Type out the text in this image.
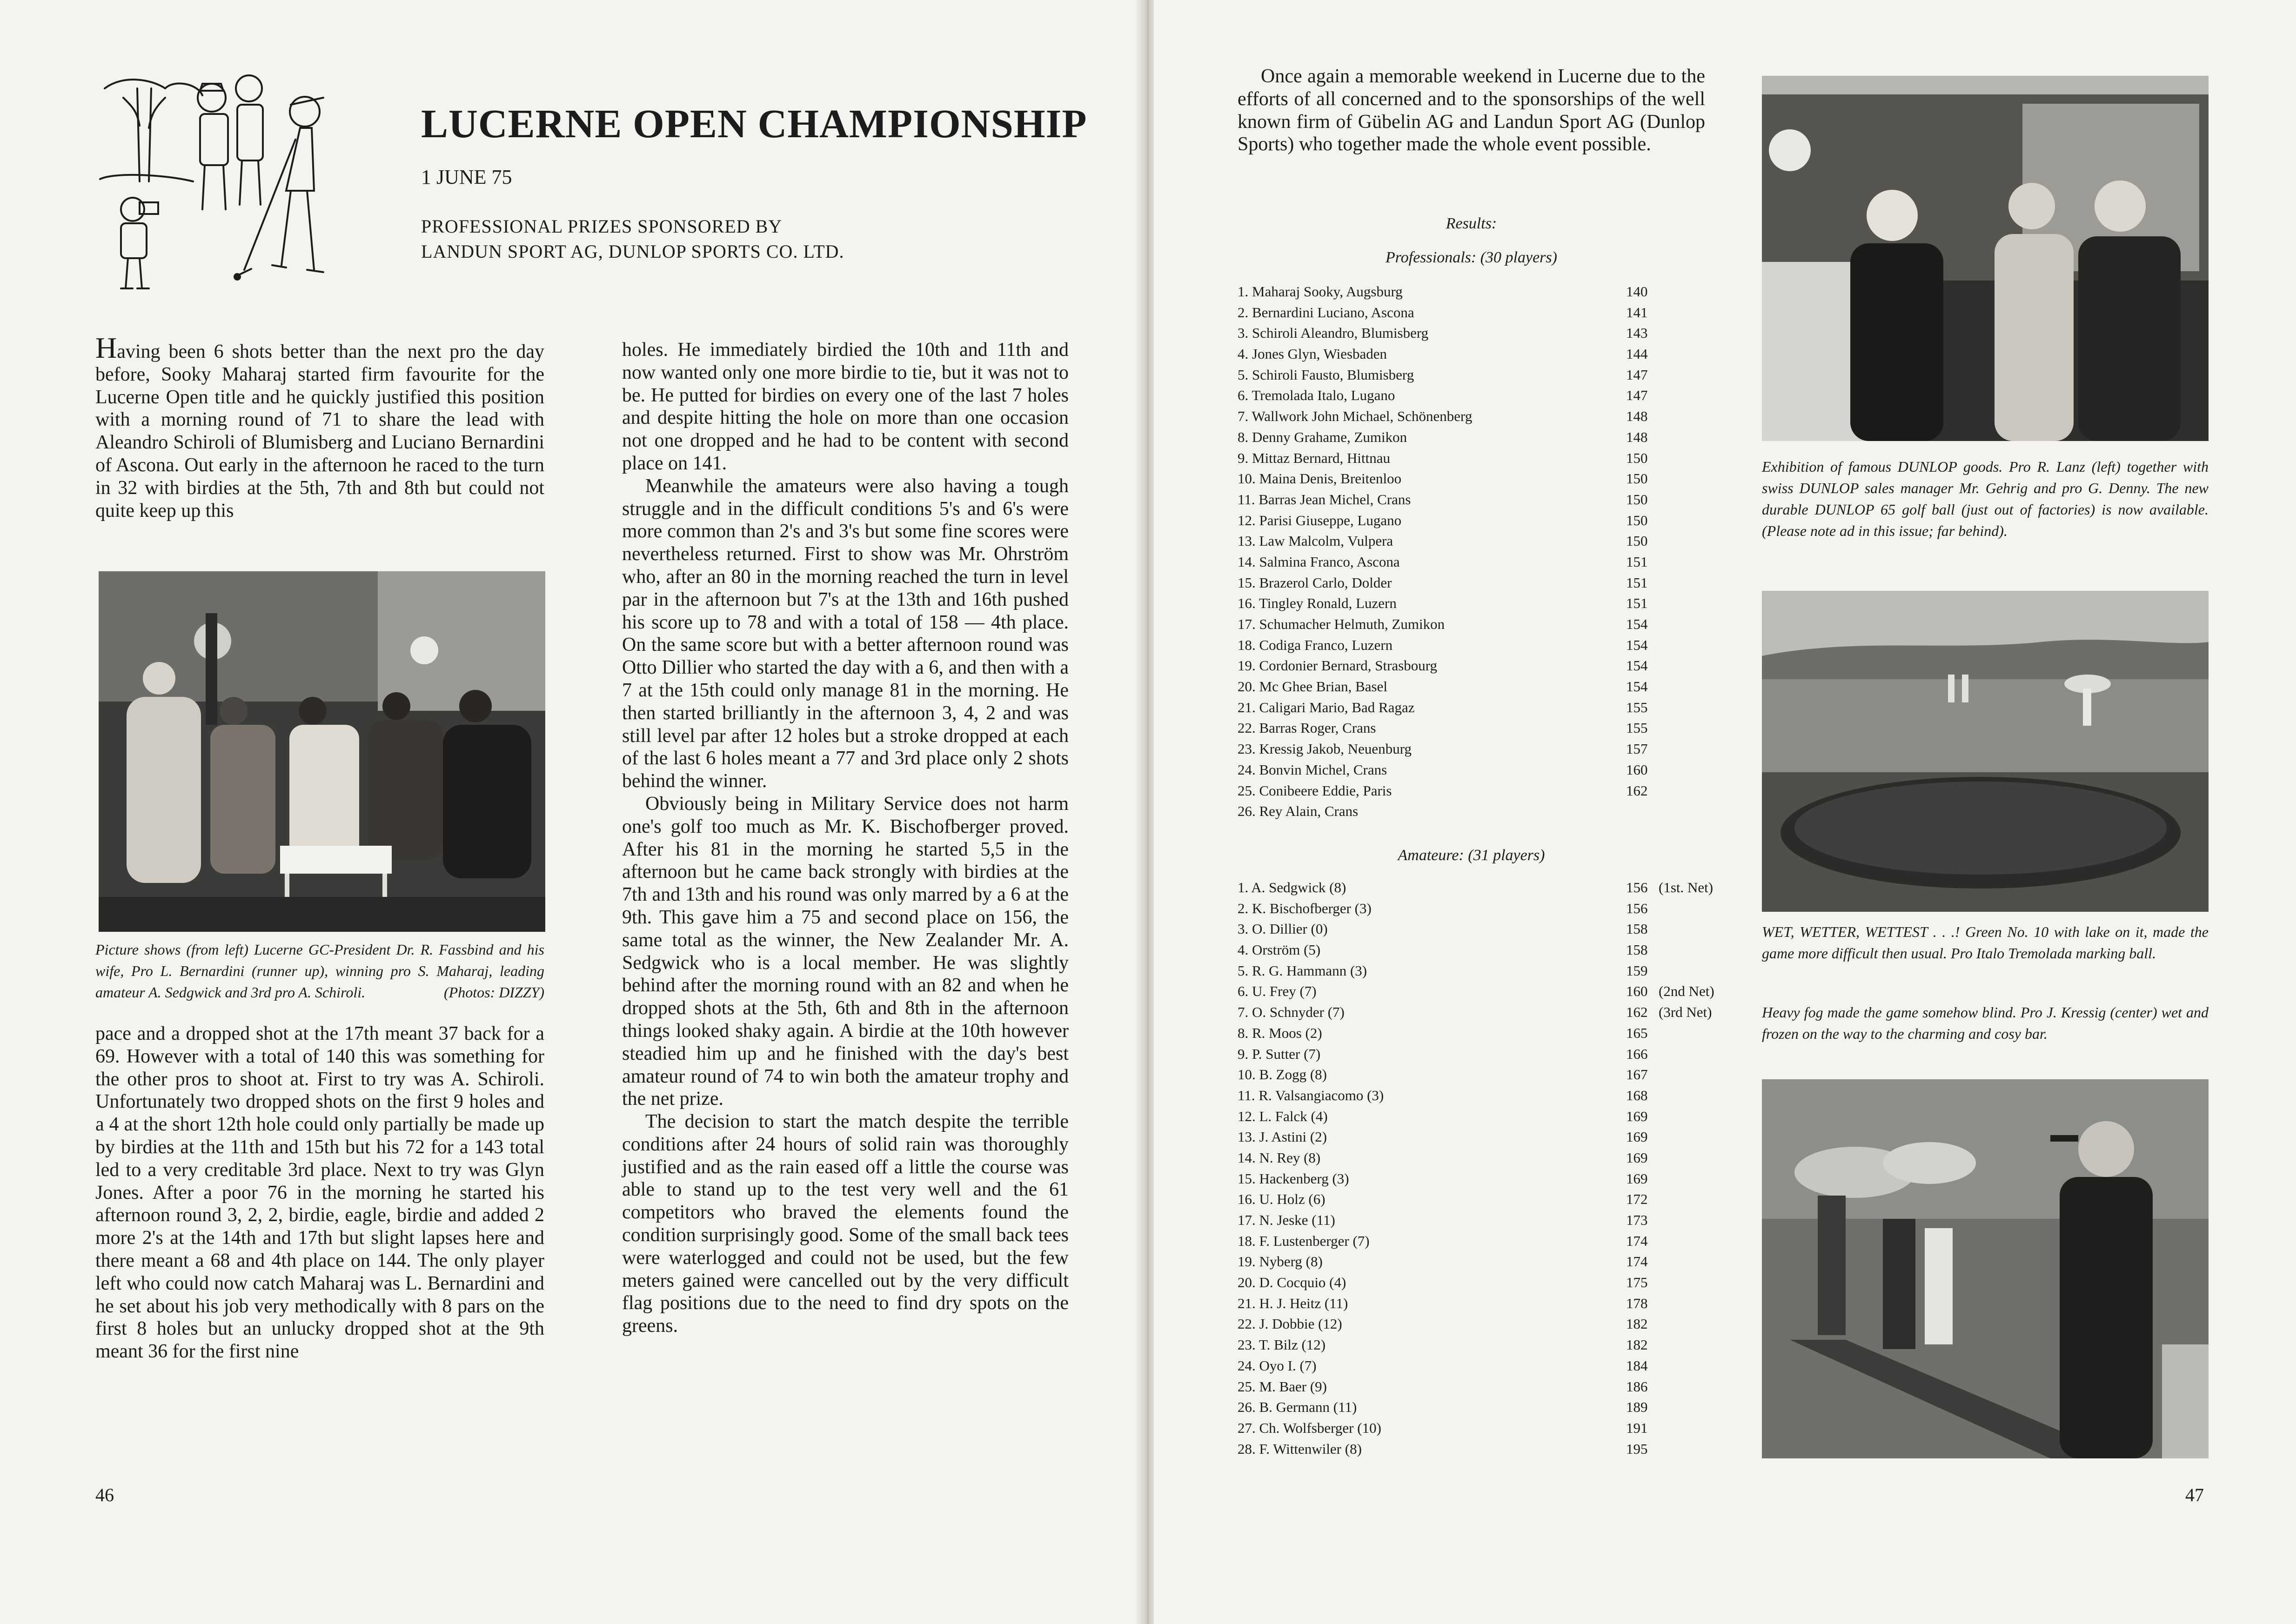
LUCERNE OPEN CHAMPIONSHIP
1 JUNE 75
PROFESSIONAL PRIZES SPONSORED BY
LANDUN SPORT AG, DUNLOP SPORTS CO. LTD.

Having been 6 shots better than the next pro the day before, Sooky Maharaj started firm favourite for the Lucerne Open title and he quickly justified this position with a morning round of 71 to share the lead with Aleandro Schiroli of Blumisberg and Luciano Bernardini of Ascona. Out early in the afternoon he raced to the turn in 32 with birdies at the 5th, 7th and 8th but could not quite keep up this

Picture shows (from left) Lucerne GC-President Dr. R. Fassbind and his wife, Pro L. Bernardini (runner up), winning pro S. Maharaj, leading amateur A. Sedgwick and 3rd pro A. Schiroli.	(Photos: DIZZY)

pace and a dropped shot at the 17th meant 37 back for a 69. However with a total of 140 this was something for the other pros to shoot at. First to try was A. Schiroli. Unfortunately two dropped shots on the first 9 holes and a 4 at the short 12th hole could only partially be made up by birdies at the 11th and 15th but his 72 for a 143 total led to a very creditable 3rd place. Next to try was Glyn Jones. After a poor 76 in the morning he started his afternoon round 3, 2, 2, birdie, eagle, birdie and added 2 more 2's at the 14th and 17th but slight lapses here and there meant a 68 and 4th place on 144. The only player left who could now catch Maharaj was L. Bernardini and he set about his job very methodically with 8 pars on the first 8 holes but an unlucky dropped shot at the 9th meant 36 for the first nine

holes. He immediately birdied the 10th and 11th and now wanted only one more birdie to tie, but it was not to be. He putted for birdies on every one of the last 7 holes and despite hitting the hole on more than one occasion not one dropped and he had to be content with second place on 141.

Meanwhile the amateurs were also having a tough struggle and in the difficult conditions 5's and 6's were more common than 2's and 3's but some fine scores were nevertheless returned. First to show was Mr. Ohrström who, after an 80 in the morning reached the turn in level par in the afternoon but 7's at the 13th and 16th pushed his score up to 78 and with a total of 158 — 4th place. On the same score but with a better afternoon round was Otto Dillier who started the day with a 6, and then with a 7 at the 15th could only manage 81 in the morning. He then started brilliantly in the afternoon 3, 4, 2 and was still level par after 12 holes but a stroke dropped at each of the last 6 holes meant a 77 and 3rd place only 2 shots behind the winner.

Obviously being in Military Service does not harm one's golf too much as Mr. K. Bischofberger proved. After his 81 in the morning he started 5,5 in the afternoon but he came back strongly with birdies at the 7th and 13th and his round was only marred by a 6 at the 9th. This gave him a 75 and second place on 156, the same total as the winner, the New Zealander Mr. A. Sedgwick who is a local member. He was slightly behind after the morning round with an 82 and when he dropped shots at the 5th, 6th and 8th in the afternoon things looked shaky again. A birdie at the 10th however steadied him up and he finished with the day's best amateur round of 74 to win both the amateur trophy and the net prize.

The decision to start the match despite the terrible conditions after 24 hours of solid rain was thoroughly justified and as the rain eased off a little the course was able to stand up to the test very well and the 61 competitors who braved the elements found the condition surprisingly good. Some of the small back tees were waterlogged and could not be used, but the few meters gained were cancelled out by the very difficult flag positions due to the need to find dry spots on the greens.

46

Once again a memorable weekend in Lucerne due to the efforts of all concerned and to the sponsorships of the well known firm of Gübelin AG and Landun Sport AG (Dunlop Sports) who together made the whole event possible.

Results:
Professionals: (30 players)
1. Maharaj Sooky, Augsburg	140
2. Bernardini Luciano, Ascona	141
3. Schiroli Aleandro, Blumisberg	143
4. Jones Glyn, Wiesbaden	144
5. Schiroli Fausto, Blumisberg	147
6. Tremolada Italo, Lugano	147
7. Wallwork John Michael, Schönenberg	148
8. Denny Grahame, Zumikon	148
9. Mittaz Bernard, Hittnau	150
10. Maina Denis, Breitenloo	150
11. Barras Jean Michel, Crans	150
12. Parisi Giuseppe, Lugano	150
13. Law Malcolm, Vulpera	150
14. Salmina Franco, Ascona	151
15. Brazerol Carlo, Dolder	151
16. Tingley Ronald, Luzern	151
17. Schumacher Helmuth, Zumikon	154
18. Codiga Franco, Luzern	154
19. Cordonier Bernard, Strasbourg	154
20. Mc Ghee Brian, Basel	154
21. Caligari Mario, Bad Ragaz	155
22. Barras Roger, Crans	155
23. Kressig Jakob, Neuenburg	157
24. Bonvin Michel, Crans	160
25. Conibeere Eddie, Paris	162
26. Rey Alain, Crans
Amateure: (31 players)
1. A. Sedgwick (8)	156 (1st. Net)
2. K. Bischofberger (3)	156
3. O. Dillier (0)	158
4. Orström (5)	158
5. R. G. Hammann (3)	159
6. U. Frey (7)	160 (2nd Net)
7. O. Schnyder (7)	162 (3rd Net)
8. R. Moos (2)	165
9. P. Sutter (7)	166
10. B. Zogg (8)	167
11. R. Valsangiacomo (3)	168
12. L. Falck (4)	169
13. J. Astini (2)	169
14. N. Rey (8)	169
15. Hackenberg (3)	169
16. U. Holz (6)	172
17. N. Jeske (11)	173
18. F. Lustenberger (7)	174
19. Nyberg (8)	174
20. D. Cocquio (4)	175
21. H. J. Heitz (11)	178
22. J. Dobbie (12)	182
23. T. Bilz (12)	182
24. Oyo I. (7)	184
25. M. Baer (9)	186
26. B. Germann (11)	189
27. Ch. Wolfsberger (10)	191
28. F. Wittenwiler (8)	195
Exhibition of famous DUNLOP goods. Pro R. Lanz (left) together with swiss DUNLOP sales manager Mr. Gehrig and pro G. Denny. The new durable DUNLOP 65 golf ball (just out of factories) is now available. (Please note ad in this issue; far behind).
WET, WETTER, WETTEST . . .! Green No. 10 with lake on it, made the game more difficult then usual. Pro Italo Tremolada marking ball.
Heavy fog made the game somehow blind. Pro J. Kressig (center) wet and frozen on the way to the charming and cosy bar.
47
